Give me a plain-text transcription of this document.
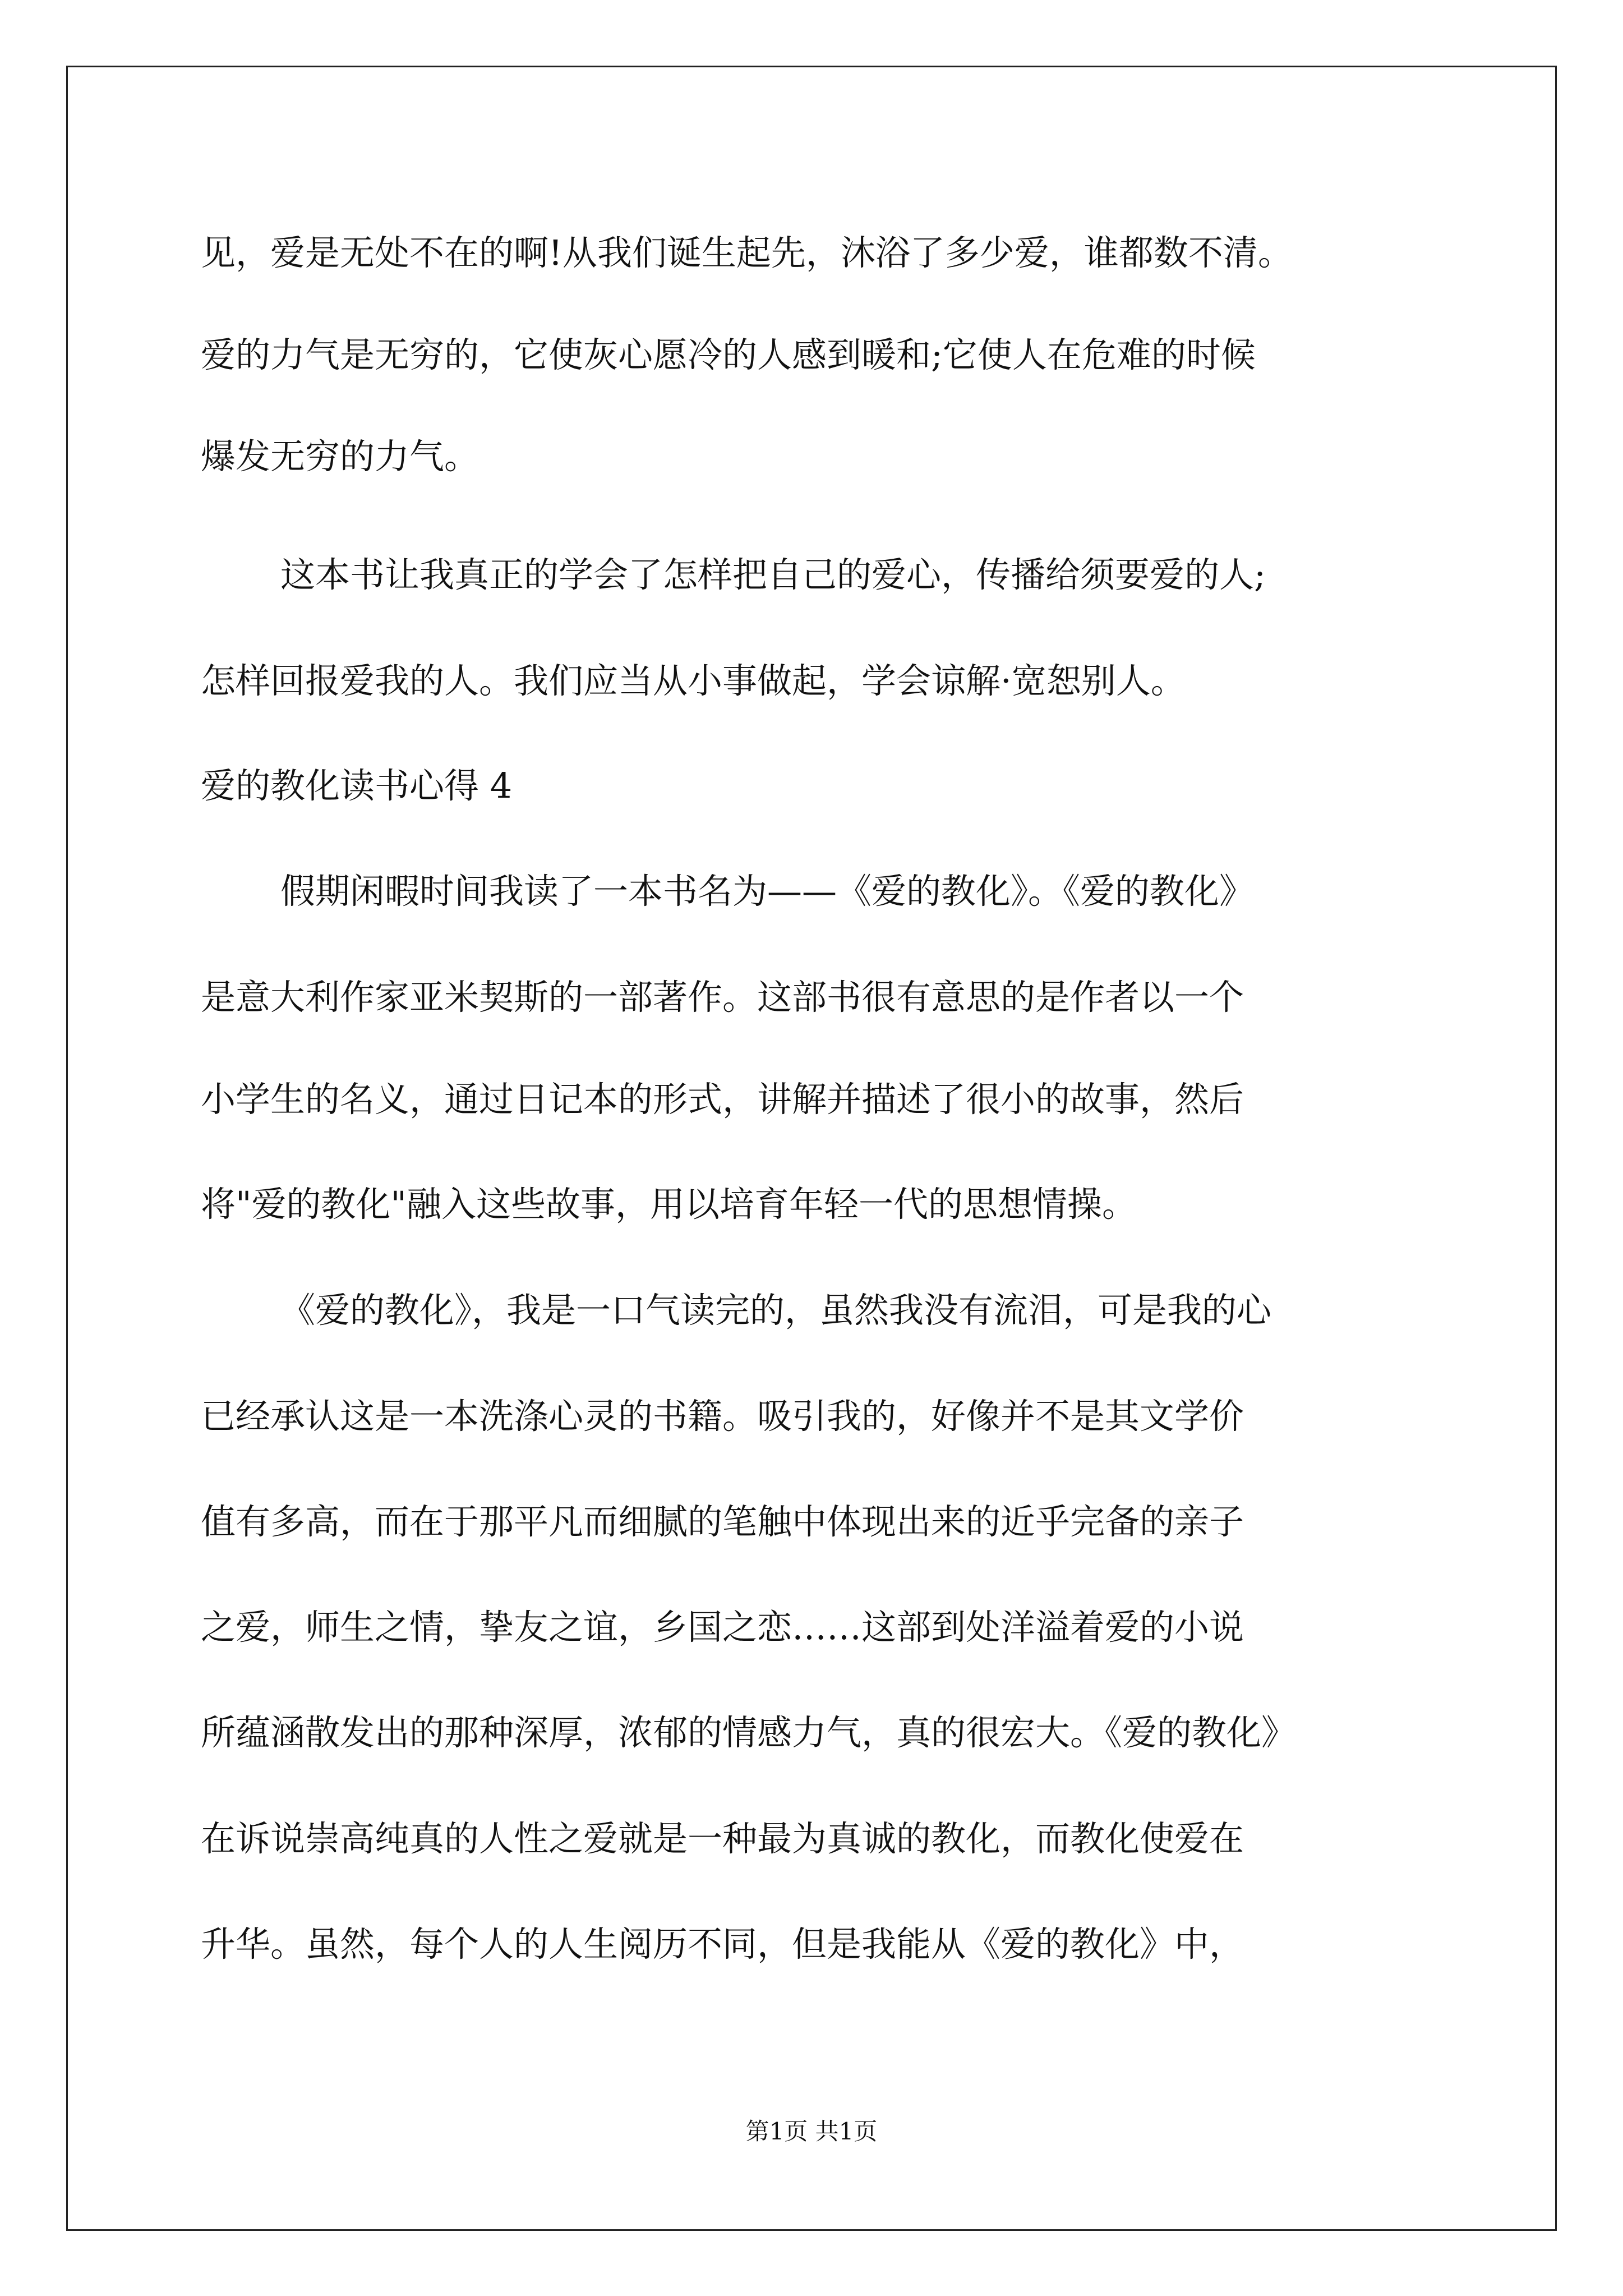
见，爱是无处不在的啊!从我们诞生起先，沐浴了多少爱，谁都数不清。
爱的力气是无穷的，它使灰心愿冷的人感到暖和;它使人在危难的时候
爆发无穷的力气。
这本书让我真正的学会了怎样把自己的爱心，传播给须要爱的人;
怎样回报爱我的人。我们应当从小事做起，学会谅解·宽恕别人。
爱的教化读书心得 4
假期闲暇时间我读了一本书名为——《爱的教化》。《爱的教化》
是意大利作家亚米契斯的一部著作。这部书很有意思的是作者以一个
小学生的名义，通过日记本的形式，讲解并描述了很小的故事，然后
将"爱的教化"融入这些故事，用以培育年轻一代的思想情操。
《爱的教化》，我是一口气读完的，虽然我没有流泪，可是我的心
已经承认这是一本洗涤心灵的书籍。吸引我的，好像并不是其文学价
值有多高，而在于那平凡而细腻的笔触中体现出来的近乎完备的亲子
之爱，师生之情，挚友之谊，乡国之恋……这部到处洋溢着爱的小说
所蕴涵散发出的那种深厚，浓郁的情感力气，真的很宏大。《爱的教化》
在诉说崇高纯真的人性之爱就是一种最为真诚的教化，而教化使爱在
升华。虽然，每个人的人生阅历不同，但是我能从《爱的教化》中，
第1页 共1页
